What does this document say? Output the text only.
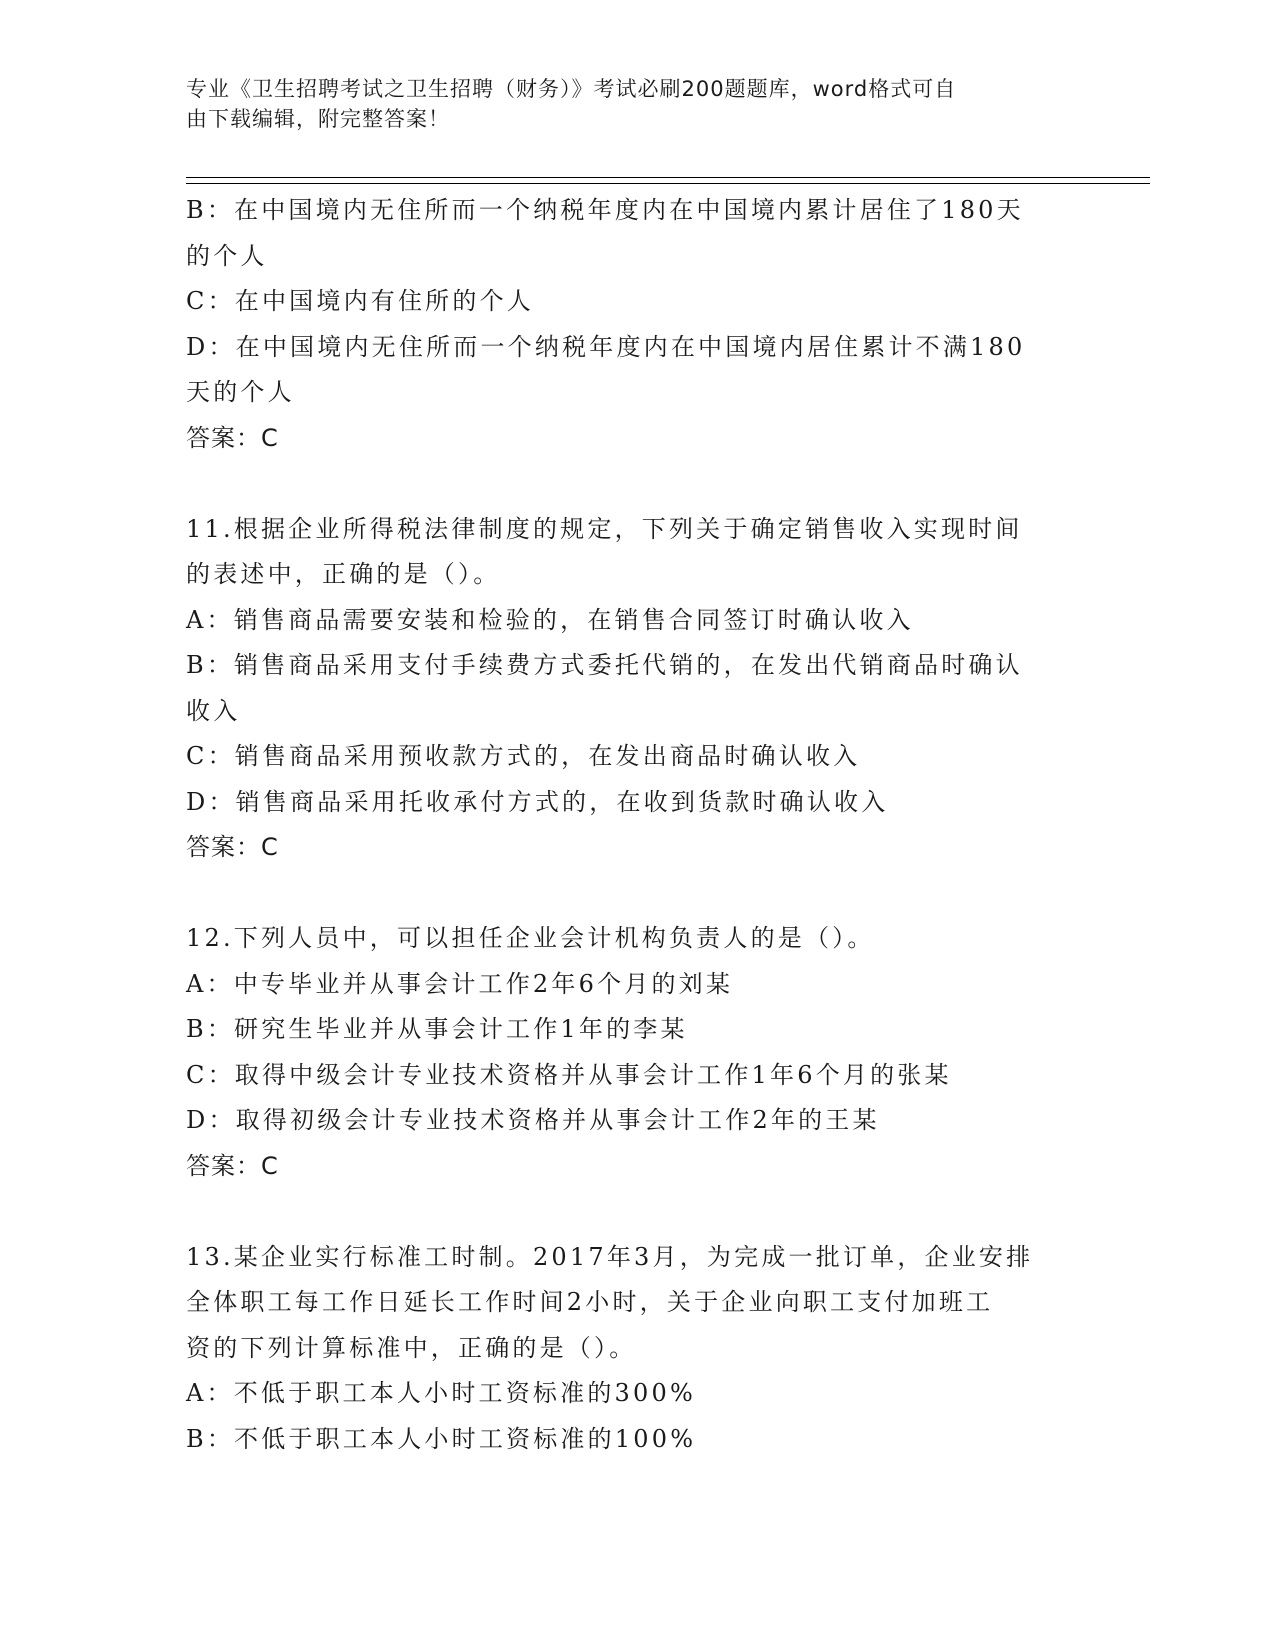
专业《卫生招聘考试之卫生招聘（财务）》考试必刷200题题库，word格式可自
由下载编辑，附完整答案！
B：在中国境内无住所而一个纳税年度内在中国境内累计居住了180天
的个人
C：在中国境内有住所的个人
D：在中国境内无住所而一个纳税年度内在中国境内居住累计不满180
天的个人
答案：C
11.根据企业所得税法律制度的规定，下列关于确定销售收入实现时间
的表述中，正确的是（）。
A：销售商品需要安装和检验的，在销售合同签订时确认收入
B：销售商品采用支付手续费方式委托代销的，在发出代销商品时确认
收入
C：销售商品采用预收款方式的，在发出商品时确认收入
D：销售商品采用托收承付方式的，在收到货款时确认收入
答案：C
12.下列人员中，可以担任企业会计机构负责人的是（）。
A：中专毕业并从事会计工作2年6个月的刘某
B：研究生毕业并从事会计工作1年的李某
C：取得中级会计专业技术资格并从事会计工作1年6个月的张某
D：取得初级会计专业技术资格并从事会计工作2年的王某
答案：C
13.某企业实行标准工时制。2017年3月，为完成一批订单，企业安排
全体职工每工作日延长工作时间2小时，关于企业向职工支付加班工
资的下列计算标准中，正确的是（）。
A：不低于职工本人小时工资标准的300%
B：不低于职工本人小时工资标准的100%
